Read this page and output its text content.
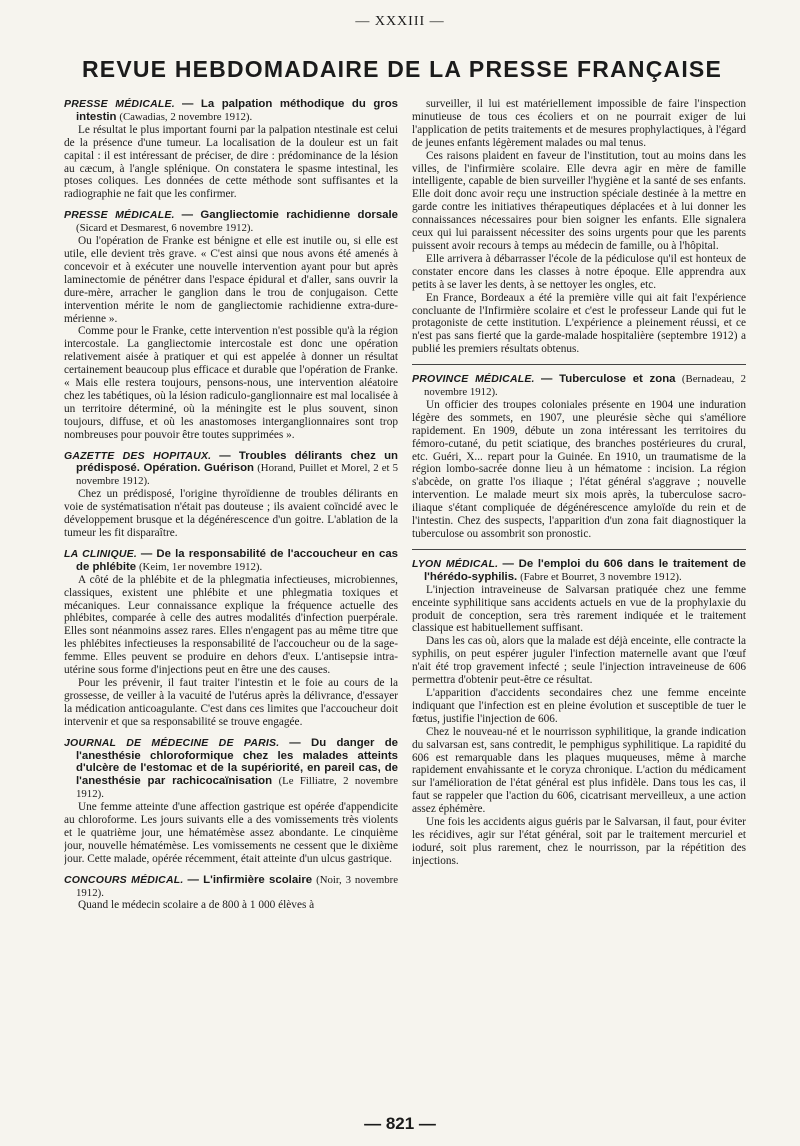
— XXXIII —
REVUE HEBDOMADAIRE DE LA PRESSE FRANÇAISE

PRESSE MÉDICALE. — La palpation méthodique du gros intestin (Cawadias, 2 novembre 1912).

Le résultat le plus important fourni par la palpation ntestinale est celui de la présence d'une tumeur. La localisation de la douleur est un fait capital : il est intéressant de préciser, de dire : prédominance de la lésion au cæcum, à l'angle splénique. On constatera le spasme intestinal, les ptoses coliques. Les données de cette méthode sont suffisantes et la radiographie ne fait que les confirmer.

PRESSE MÉDICALE. — Gangliectomie rachidienne dorsale (Sicard et Desmarest, 6 novembre 1912).

Ou l'opération de Franke est bénigne et elle est inutile ou, si elle est utile, elle devient très grave. « C'est ainsi que nous avons été amenés à concevoir et à exécuter une nouvelle intervention ayant pour but après laminectomie de pénétrer dans l'espace épidural et d'aller, sans ouvrir la dure-mère, arracher le ganglion dans le trou de conjugaison. Cette intervention mérite le nom de gangliectomie rachidienne extra-dure-mérienne ».

Comme pour le Franke, cette intervention n'est possible qu'à la région intercostale. La gangliectomie intercostale est donc une opération relativement aisée à pratiquer et qui est appelée à donner un résultat certainement beaucoup plus efficace et durable que l'opération de Franke. « Mais elle restera toujours, pensons-nous, une intervention aléatoire chez les tabétiques, où la lésion radiculo-ganglionnaire est mal localisée à un territoire déterminé, où la méningite est le plus souvent, sinon toujours, diffuse, et où les anastomoses interganglionnaires sont trop nombreuses pour pouvoir être toutes supprimées ».

GAZETTE DES HOPITAUX. — Troubles délirants chez un prédisposé. Opération. Guérison (Horand, Puillet et Morel, 2 et 5 novembre 1912).

Chez un prédisposé, l'origine thyroïdienne de troubles délirants en voie de systématisation n'était pas douteuse ; ils avaient coïncidé avec le développement brusque et la dégénérescence d'un goitre. L'ablation de la tumeur les fit disparaître.

LA CLINIQUE. — De la responsabilité de l'accoucheur en cas de phlébite (Keim, 1er novembre 1912).

A côté de la phlébite et de la phlegmatia infectieuses, microbiennes, classiques, existent une phlébite et une phlegmatia toxiques et mécaniques. Leur connaissance explique la fréquence actuelle des phlébites, comparée à celle des autres modalités d'infection puerpérale. Elles sont néanmoins assez rares. Elles n'engagent pas au même titre que les phlébites infectieuses la responsabilité de l'accoucheur ou de la sage-femme. Elles peuvent se produire en dehors d'eux. L'antisepsie intra-utérine sous forme d'injections peut en être une des causes.

Pour les prévenir, il faut traiter l'intestin et le foie au cours de la grossesse, de veiller à la vacuité de l'utérus après la délivrance, d'essayer la médication anticoagulante. C'est dans ces limites que l'accoucheur doit intervenir et que sa responsabilité se trouve engagée.

JOURNAL DE MÉDECINE DE PARIS. — Du danger de l'anesthésie chloroformique chez les malades atteints d'ulcère de l'estomac et de la supériorité, en pareil cas, de l'anesthésie par rachicocaïnisation (Le Filliatre, 2 novembre 1912).

Une femme atteinte d'une affection gastrique est opérée d'appendicite au chloroforme. Les jours suivants elle a des vomissements très violents et le quatrième jour, une hématémèse assez abondante. Le cinquième jour, nouvelle hématémèse. Les vomissements ne cessent que le dixième jour. Cette malade, opérée récemment, était atteinte d'un ulcus gastrique.

CONCOURS MÉDICAL. — L'infirmière scolaire (Noir, 3 novembre 1912).

Quand le médecin scolaire a de 800 à 1 000 élèves à

surveiller, il lui est matériellement impossible de faire l'inspection minutieuse de tous ces écoliers et on ne pourrait exiger de lui l'application de petits traitements et de mesures prophylactiques, à l'égard de jeunes enfants légèrement malades ou mal tenus.

Ces raisons plaident en faveur de l'institution, tout au moins dans les villes, de l'infirmière scolaire. Elle devra agir en mère de famille intelligente, capable de bien surveiller l'hygiène et la santé de ses enfants. Elle doit donc avoir reçu une instruction spéciale destinée à la mettre en garde contre les initiatives thérapeutiques déplacées et à lui donner les connaissances nécessaires pour bien soigner les enfants. Elle signalera ceux qui lui paraissent nécessiter des soins urgents pour que les parents puissent avoir recours à temps au médecin de famille, ou à l'hôpital.

Elle arrivera à débarrasser l'école de la pédiculose qu'il est honteux de constater encore dans les classes à notre époque. Elle apprendra aux petits à se laver les dents, à se nettoyer les ongles, etc.

En France, Bordeaux a été la première ville qui ait fait l'expérience concluante de l'Infirmière scolaire et c'est le professeur Lande qui fut le protagoniste de cette institution. L'expérience a pleinement réussi, et ce n'est pas sans fierté que la garde-malade hospitalière (septembre 1912) a publié les premiers résultats obtenus.

PROVINCE MÉDICALE. — Tuberculose et zona (Bernadeau, 2 novembre 1912).

Un officier des troupes coloniales présente en 1904 une induration légère des sommets, en 1907, une pleurésie sèche qui s'améliore rapidement. En 1909, débute un zona intéressant les territoires du fémoro-cutané, du petit sciatique, des branches postérieures du crural, etc. Guéri, X... repart pour la Guinée. En 1910, un traumatisme de la région lombo-sacrée donne lieu à un hématome : incision. La région s'abcède, on gratte l'os iliaque ; l'état général s'aggrave ; nouvelle intervention. Le malade meurt six mois après, la tuberculose sacro-iliaque s'étant compliquée de dégénérescence amyloïde du rein et de l'intestin. Chez des suspects, l'apparition d'un zona fait diagnostiquer la tuberculose ou assombrit son pronostic.

LYON MÉDICAL. — De l'emploi du 606 dans le traitement de l'hérédo-syphilis. (Fabre et Bourret, 3 novembre 1912).

L'injection intraveineuse de Salvarsan pratiquée chez une femme enceinte syphilitique sans accidents actuels en vue de la prophylaxie du produit de conception, sera très rarement indiquée et le traitement classique est habituellement suffisant.

Dans les cas où, alors que la malade est déjà enceinte, elle contracte la syphilis, on peut espérer juguler l'infection maternelle avant que l'œuf n'ait été trop gravement infecté ; seule l'injection intraveineuse de 606 permettra d'obtenir peut-être ce résultat.

L'apparition d'accidents secondaires chez une femme enceinte indiquant que l'infection est en pleine évolution et susceptible de tuer le fœtus, justifie l'injection de 606.

Chez le nouveau-né et le nourrisson syphilitique, la grande indication du salvarsan est, sans contredit, le pemphigus syphilitique. La rapidité du 606 est remarquable dans les plaques muqueuses, même à marche rapidement envahissante et le coryza chronique. L'action du médicament sur l'amélioration de l'état général est plus infidèle. Dans tous les cas, il faut se rappeler que l'action du 606, cicatrisant merveilleux, a une action assez éphémère.

Une fois les accidents aigus guéris par le Salvarsan, il faut, pour éviter les récidives, agir sur l'état général, soit par le traitement mercuriel et ioduré, soit plus rarement, chez le nourrisson, par la répétition des injections.

— 821 —
